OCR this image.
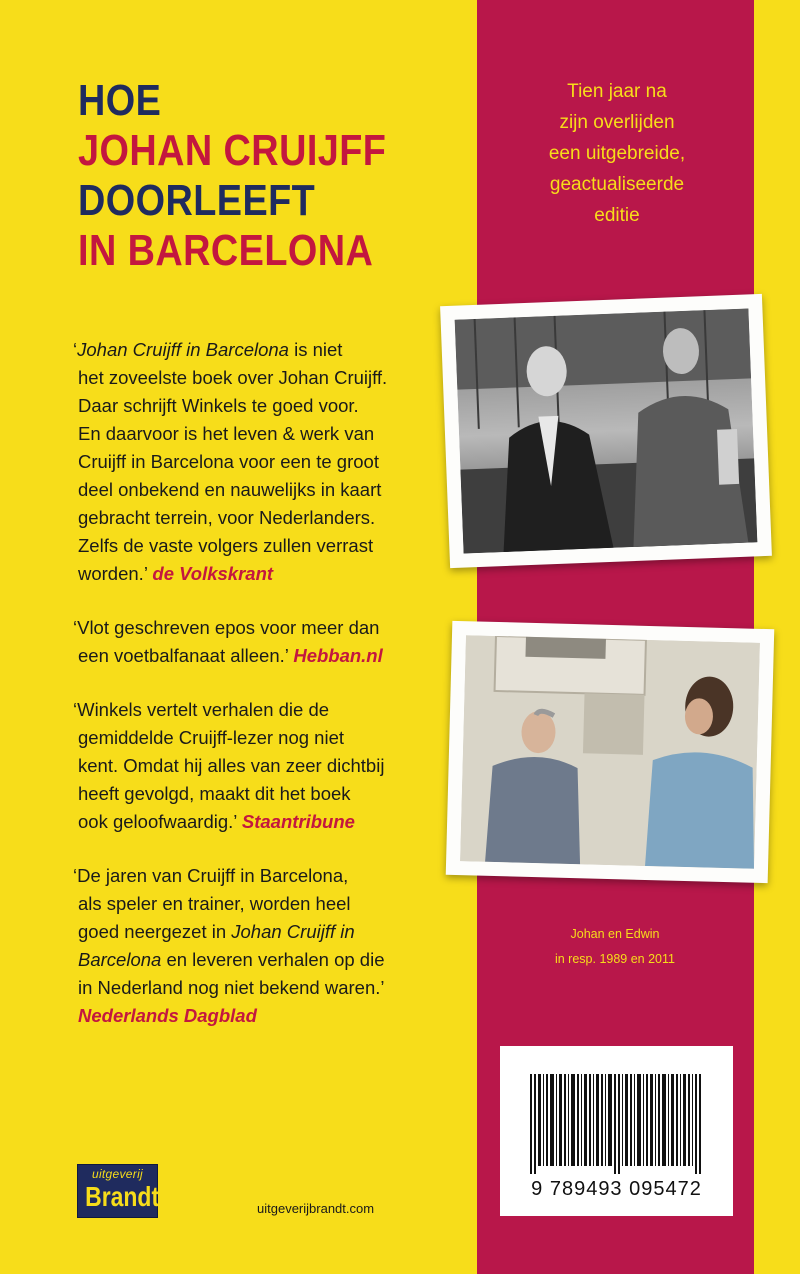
HOE
JOHAN CRUIJFF
DOORLEEFT
IN BARCELONA
Tien jaar na
zijn overlijden
een uitgebreide,
geactualiseerde
editie

‘Johan Cruijff in Barcelona is niet
het zoveelste boek over Johan Cruijff.
Daar schrijft Winkels te goed voor.
En daarvoor is het leven & werk van
Cruijff in Barcelona voor een te groot
deel onbekend en nauwelijks in kaart
gebracht terrein, voor Nederlanders.
Zelfs de vaste volgers zullen verrast
worden.’ de Volkskrant

‘Vlot geschreven epos voor meer dan
een voetbalfanaat alleen.’ Hebban.nl

‘Winkels vertelt verhalen die de
gemiddelde Cruijff-lezer nog niet
kent. Omdat hij alles van zeer dichtbij
heeft gevolgd, maakt dit het boek
ook geloofwaardig.’ Staantribune

‘De jaren van Cruijff in Barcelona,
als speler en trainer, worden heel
goed neergezet in Johan Cruijff in
Barcelona en leveren verhalen op die
in Nederland nog niet bekend waren.’
Nederlands Dagblad

Johan en Edwin
in resp. 1989 en 2011
9 789493 095472
uitgeverij
Brandt	uitgeverijbrandt.com
